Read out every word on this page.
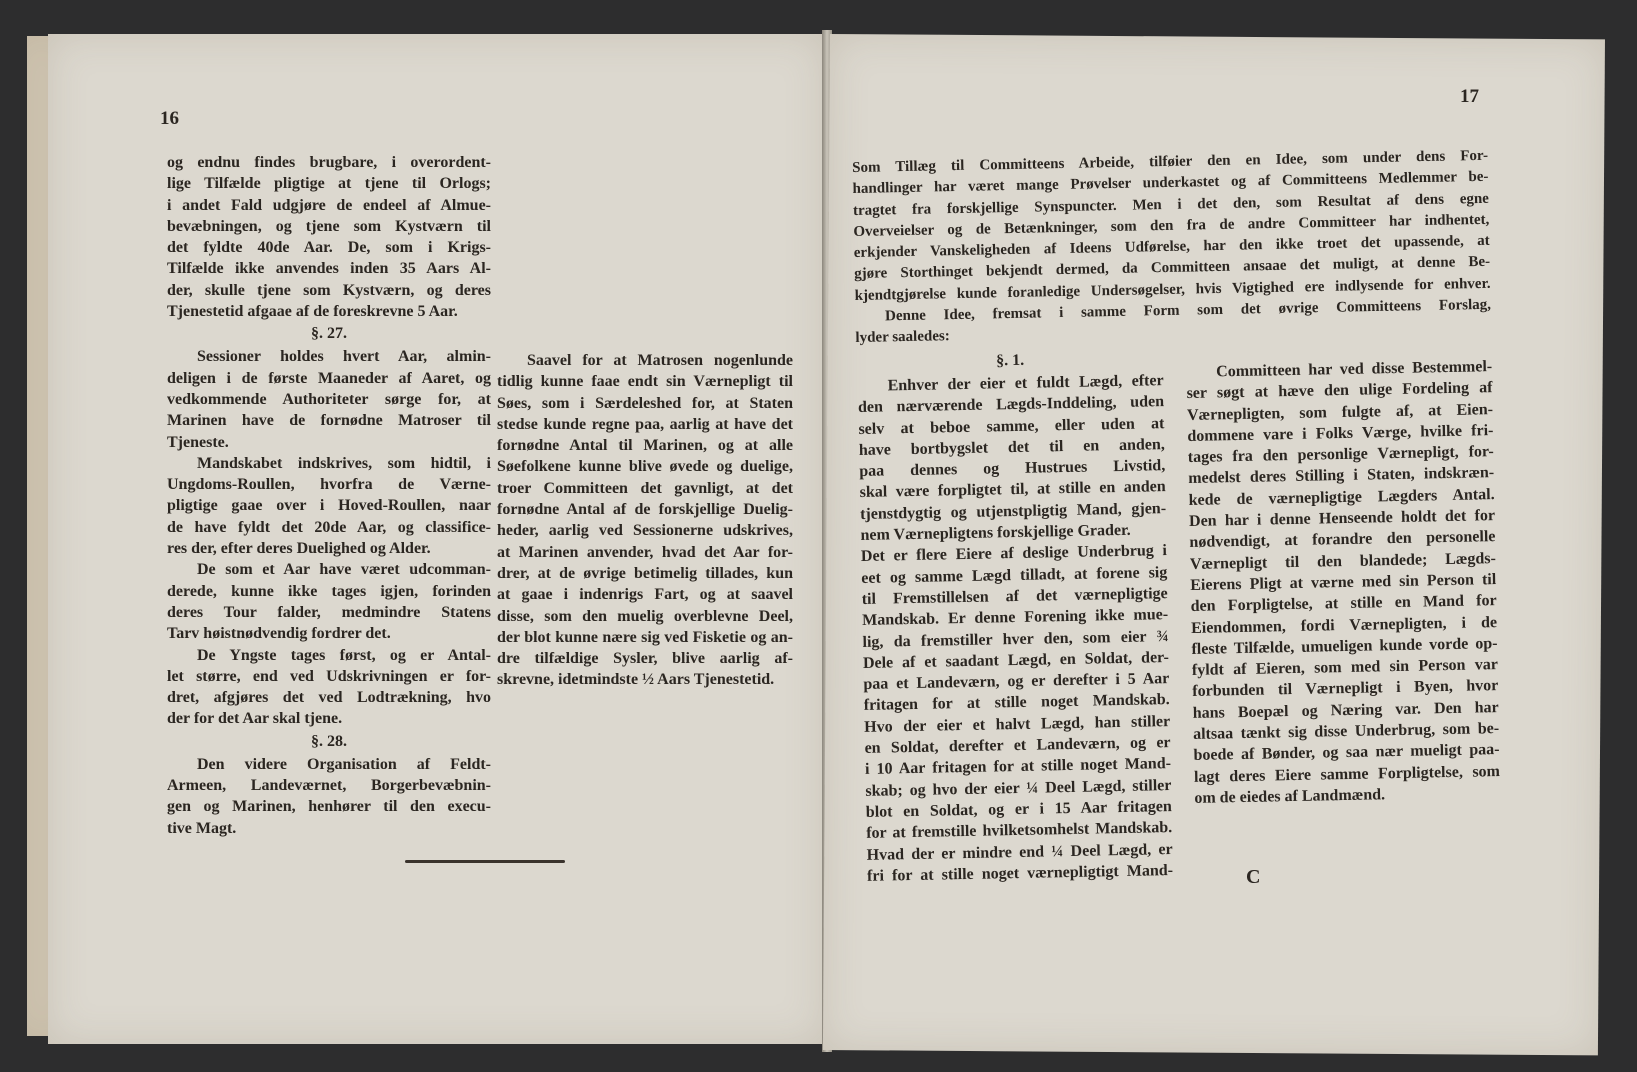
16
og endnu findes brugbare, i overordent-
lige Tilfælde pligtige at tjene til Orlogs;
i andet Fald udgjøre de endeel af Almue-
bevæbningen, og tjene som Kystværn til
det fyldte 40de Aar. De, som i Krigs-
Tilfælde ikke anvendes inden 35 Aars Al-
der, skulle tjene som Kystværn, og deres
Tjenestetid afgaae af de foreskrevne 5 Aar.
§. 27.
Sessioner holdes hvert Aar, almin-
deligen i de første Maaneder af Aaret, og
vedkommende Authoriteter sørge for, at
Marinen have de fornødne Matroser til
Tjeneste.
Mandskabet indskrives, som hidtil, i
Ungdoms-Roullen, hvorfra de Værne-
pligtige gaae over i Hoved-Roullen, naar
de have fyldt det 20de Aar, og classifice-
res der, efter deres Duelighed og Alder.
De som et Aar have været udcomman-
derede, kunne ikke tages igjen, forinden
deres Tour falder, medmindre Statens
Tarv høistnødvendig fordrer det.
De Yngste tages først, og er Antal-
let større, end ved Udskrivningen er for-
dret, afgjøres det ved Lodtrækning, hvo
der for det Aar skal tjene.
§. 28.
Den videre Organisation af Feldt-
Armeen, Landeværnet, Borgerbevæbnin-
gen og Marinen, henhører til den execu-
tive Magt.
Saavel for at Matrosen nogenlunde
tidlig kunne faae endt sin Værnepligt til
Søes, som i Særdeleshed for, at Staten
stedse kunde regne paa, aarlig at have det
fornødne Antal til Marinen, og at alle
Søefolkene kunne blive øvede og duelige,
troer Committeen det gavnligt, at det
fornødne Antal af de forskjellige Duelig-
heder, aarlig ved Sessionerne udskrives,
at Marinen anvender, hvad det Aar for-
drer, at de øvrige betimelig tillades, kun
at gaae i indenrigs Fart, og at saavel
disse, som den muelig overblevne Deel,
der blot kunne nære sig ved Fisketie og an-
dre tilfældige Sysler, blive aarlig af-
skrevne, idetmindste ½ Aars Tjenestetid.
17
Som Tillæg til Committeens Arbeide, tilføier den en Idee, som under dens For-
handlinger har været mange Prøvelser underkastet og af Committeens Medlemmer be-
tragtet fra forskjellige Synspuncter. Men i det den, som Resultat af dens egne
Overveielser og de Betænkninger, som den fra de andre Committeer har indhentet,
erkjender Vanskeligheden af Ideens Udførelse, har den ikke troet det upassende, at
gjøre Storthinget bekjendt dermed, da Committeen ansaae det muligt, at denne Be-
kjendtgjørelse kunde foranledige Undersøgelser, hvis Vigtighed ere indlysende for enhver.
Denne Idee, fremsat i samme Form som det øvrige Committeens Forslag,
lyder saaledes:
§. 1.
Enhver der eier et fuldt Lægd, efter
den nærværende Lægds-Inddeling, uden
selv at beboe samme, eller uden at
have bortbygslet det til en anden,
paa dennes og Hustrues Livstid,
skal være forpligtet til, at stille en anden
tjenstdygtig og utjenstpligtig Mand, gjen-
nem Værnepligtens forskjellige Grader.
Det er flere Eiere af deslige Underbrug i
eet og samme Lægd tilladt, at forene sig
til Fremstillelsen af det værnepligtige
Mandskab. Er denne Forening ikke mue-
lig, da fremstiller hver den, som eier ¾
Dele af et saadant Lægd, en Soldat, der-
paa et Landeværn, og er derefter i 5 Aar
fritagen for at stille noget Mandskab.
Hvo der eier et halvt Lægd, han stiller
en Soldat, derefter et Landeværn, og er
i 10 Aar fritagen for at stille noget Mand-
skab; og hvo der eier ¼ Deel Lægd, stiller
blot en Soldat, og er i 15 Aar fritagen
for at fremstille hvilketsomhelst Mandskab.
Hvad der er mindre end ¼ Deel Lægd, er
fri for at stille noget værnepligtigt Mand-
Committeen har ved disse Bestemmel-
ser søgt at hæve den ulige Fordeling af
Værnepligten, som fulgte af, at Eien-
dommene vare i Folks Værge, hvilke fri-
tages fra den personlige Værnepligt, for-
medelst deres Stilling i Staten, indskræn-
kede de værnepligtige Lægders Antal.
Den har i denne Henseende holdt det for
nødvendigt, at forandre den personelle
Værnepligt til den blandede; Lægds-
Eierens Pligt at værne med sin Person til
den Forpligtelse, at stille en Mand for
Eiendommen, fordi Værnepligten, i de
fleste Tilfælde, umueligen kunde vorde op-
fyldt af Eieren, som med sin Person var
forbunden til Værnepligt i Byen, hvor
hans Boepæl og Næring var. Den har
altsaa tænkt sig disse Underbrug, som be-
boede af Bønder, og saa nær mueligt paa-
lagt deres Eiere samme Forpligtelse, som
om de eiedes af Landmænd.
C
